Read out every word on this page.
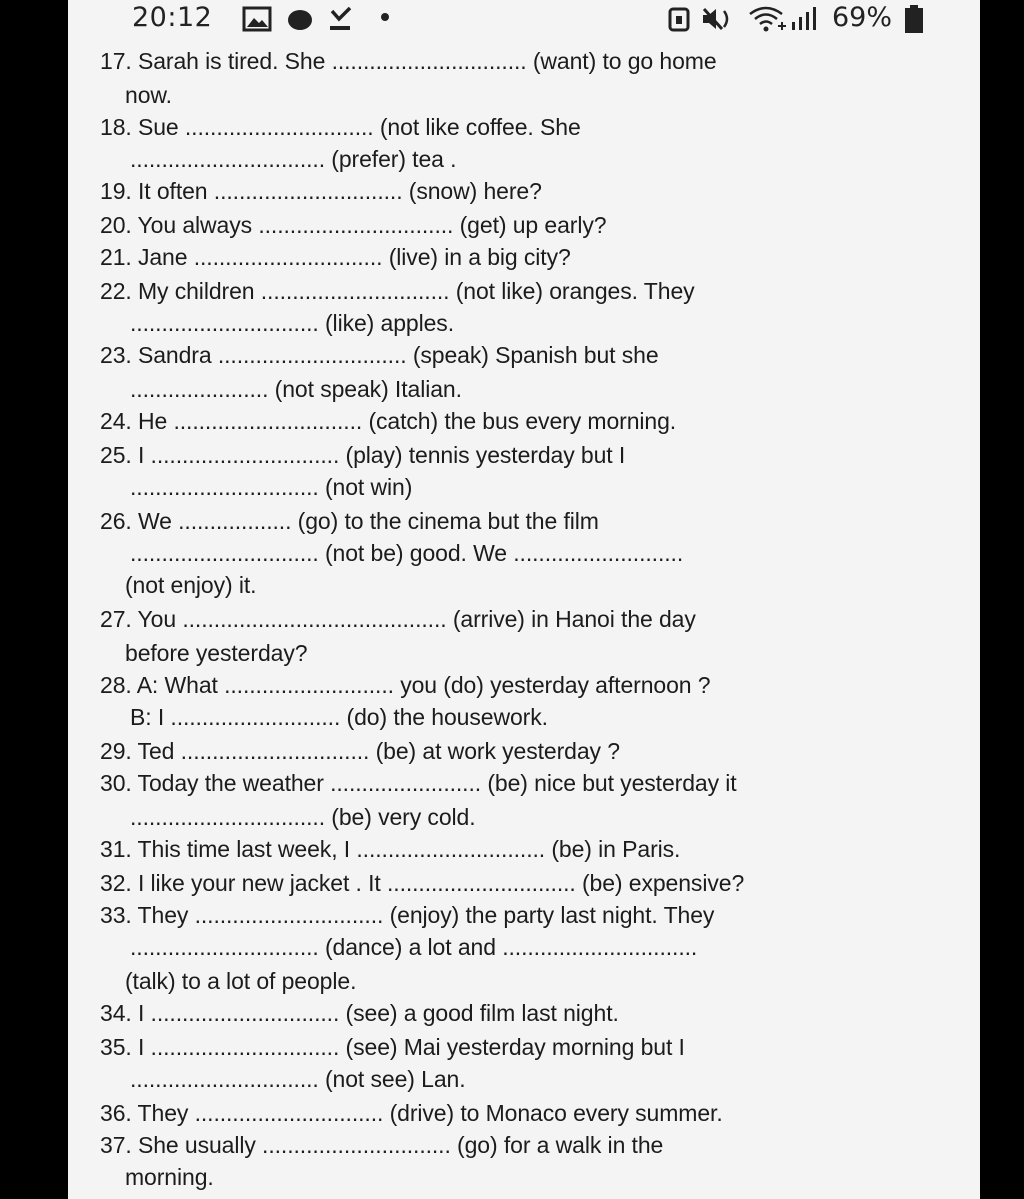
20:12	69%
17. Sarah is tired. She ............................... (want) to go home
now.
18. Sue .............................. (not like coffee. She
............................... (prefer) tea .
19. It often .............................. (snow) here?
20. You always ............................... (get) up early?
21. Jane .............................. (live) in a big city?
22. My children .............................. (not like) oranges. They
.............................. (like) apples.
23. Sandra .............................. (speak) Spanish but she
...................... (not speak) Italian.
24. He .............................. (catch) the bus every morning.
25. I .............................. (play) tennis yesterday but I
.............................. (not win)
26. We .................. (go) to the cinema but the film
.............................. (not be) good. We ...........................
(not enjoy) it.
27. You .......................................... (arrive) in Hanoi the day
before yesterday?
28. A: What ........................... you (do) yesterday afternoon ?
B: I ........................... (do) the housework.
29. Ted .............................. (be) at work yesterday ?
30. Today the weather ........................ (be) nice but yesterday it
............................... (be) very cold.
31. This time last week, I .............................. (be) in Paris.
32. I like your new jacket . It .............................. (be) expensive?
33. They .............................. (enjoy) the party last night. They
.............................. (dance) a lot and ...............................
(talk) to a lot of people.
34. I .............................. (see) a good film last night.
35. I .............................. (see) Mai yesterday morning but I
.............................. (not see) Lan.
36. They .............................. (drive) to Monaco every summer.
37. She usually .............................. (go) for a walk in the
morning.
